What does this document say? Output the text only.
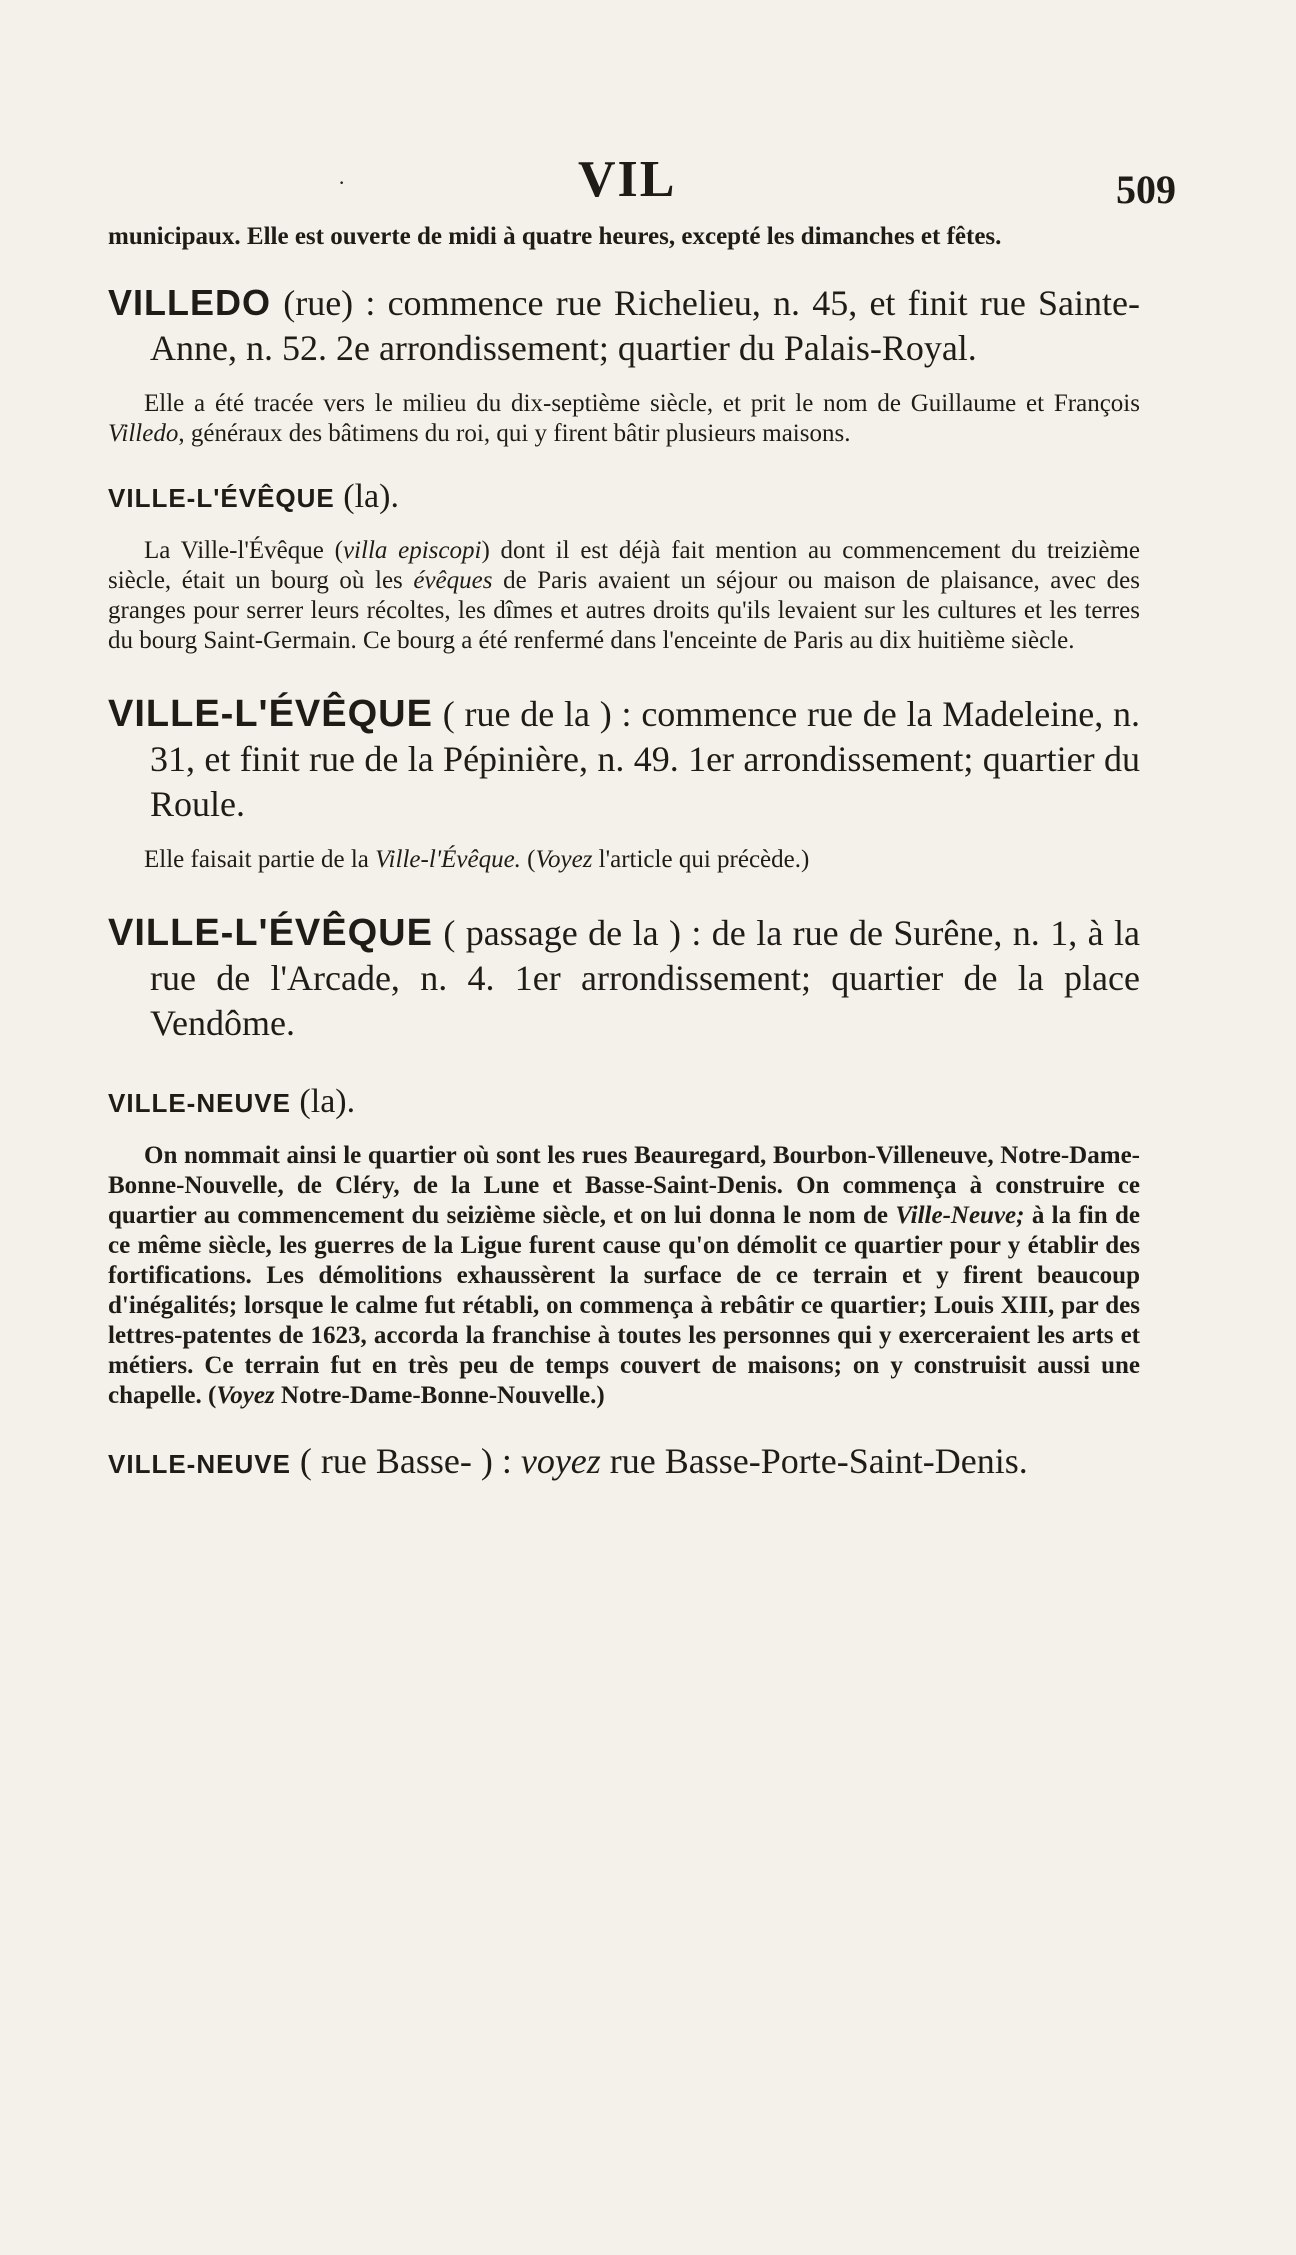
·	VIL	509

municipaux. Elle est ouverte de midi à quatre heures, excepté les dimanches et fêtes.

VILLEDO (rue) : commence rue Richelieu, n. 45, et finit rue Sainte-Anne, n. 52. 2e arrondissement; quartier du Palais-Royal.

Elle a été tracée vers le milieu du dix-septième siècle, et prit le nom de Guillaume et François Villedo, généraux des bâtimens du roi, qui y firent bâtir plusieurs maisons.

VILLE-L'ÉVÊQUE (la).

La Ville-l'Évêque (villa episcopi) dont il est déjà fait mention au commencement du treizième siècle, était un bourg où les évêques de Paris avaient un séjour ou maison de plaisance, avec des granges pour serrer leurs récoltes, les dîmes et autres droits qu'ils levaient sur les cultures et les terres du bourg Saint-Germain. Ce bourg a été renfermé dans l'enceinte de Paris au dix huitième siècle.

VILLE-L'ÉVÊQUE ( rue de la ) : commence rue de la Madeleine, n. 31, et finit rue de la Pépinière, n. 49. 1er arrondissement; quartier du Roule.

Elle faisait partie de la Ville-l'Évêque. (Voyez l'article qui précède.)

VILLE-L'ÉVÊQUE ( passage de la ) : de la rue de Surêne, n. 1, à la rue de l'Arcade, n. 4. 1er arrondissement; quartier de la place Vendôme.

VILLE-NEUVE (la).

On nommait ainsi le quartier où sont les rues Beauregard, Bourbon-Villeneuve, Notre-Dame-Bonne-Nouvelle, de Cléry, de la Lune et Basse-Saint-Denis. On commença à construire ce quartier au commencement du seizième siècle, et on lui donna le nom de Ville-Neuve; à la fin de ce même siècle, les guerres de la Ligue furent cause qu'on démolit ce quartier pour y établir des fortifications. Les démolitions exhaussèrent la surface de ce terrain et y firent beaucoup d'inégalités; lorsque le calme fut rétabli, on commença à rebâtir ce quartier; Louis XIII, par des lettres-patentes de 1623, accorda la franchise à toutes les personnes qui y exerceraient les arts et métiers. Ce terrain fut en très peu de temps couvert de maisons; on y construisit aussi une chapelle. (Voyez Notre-Dame-Bonne-Nouvelle.)

VILLE-NEUVE ( rue Basse- ) : voyez rue Basse-Porte-Saint-Denis.
